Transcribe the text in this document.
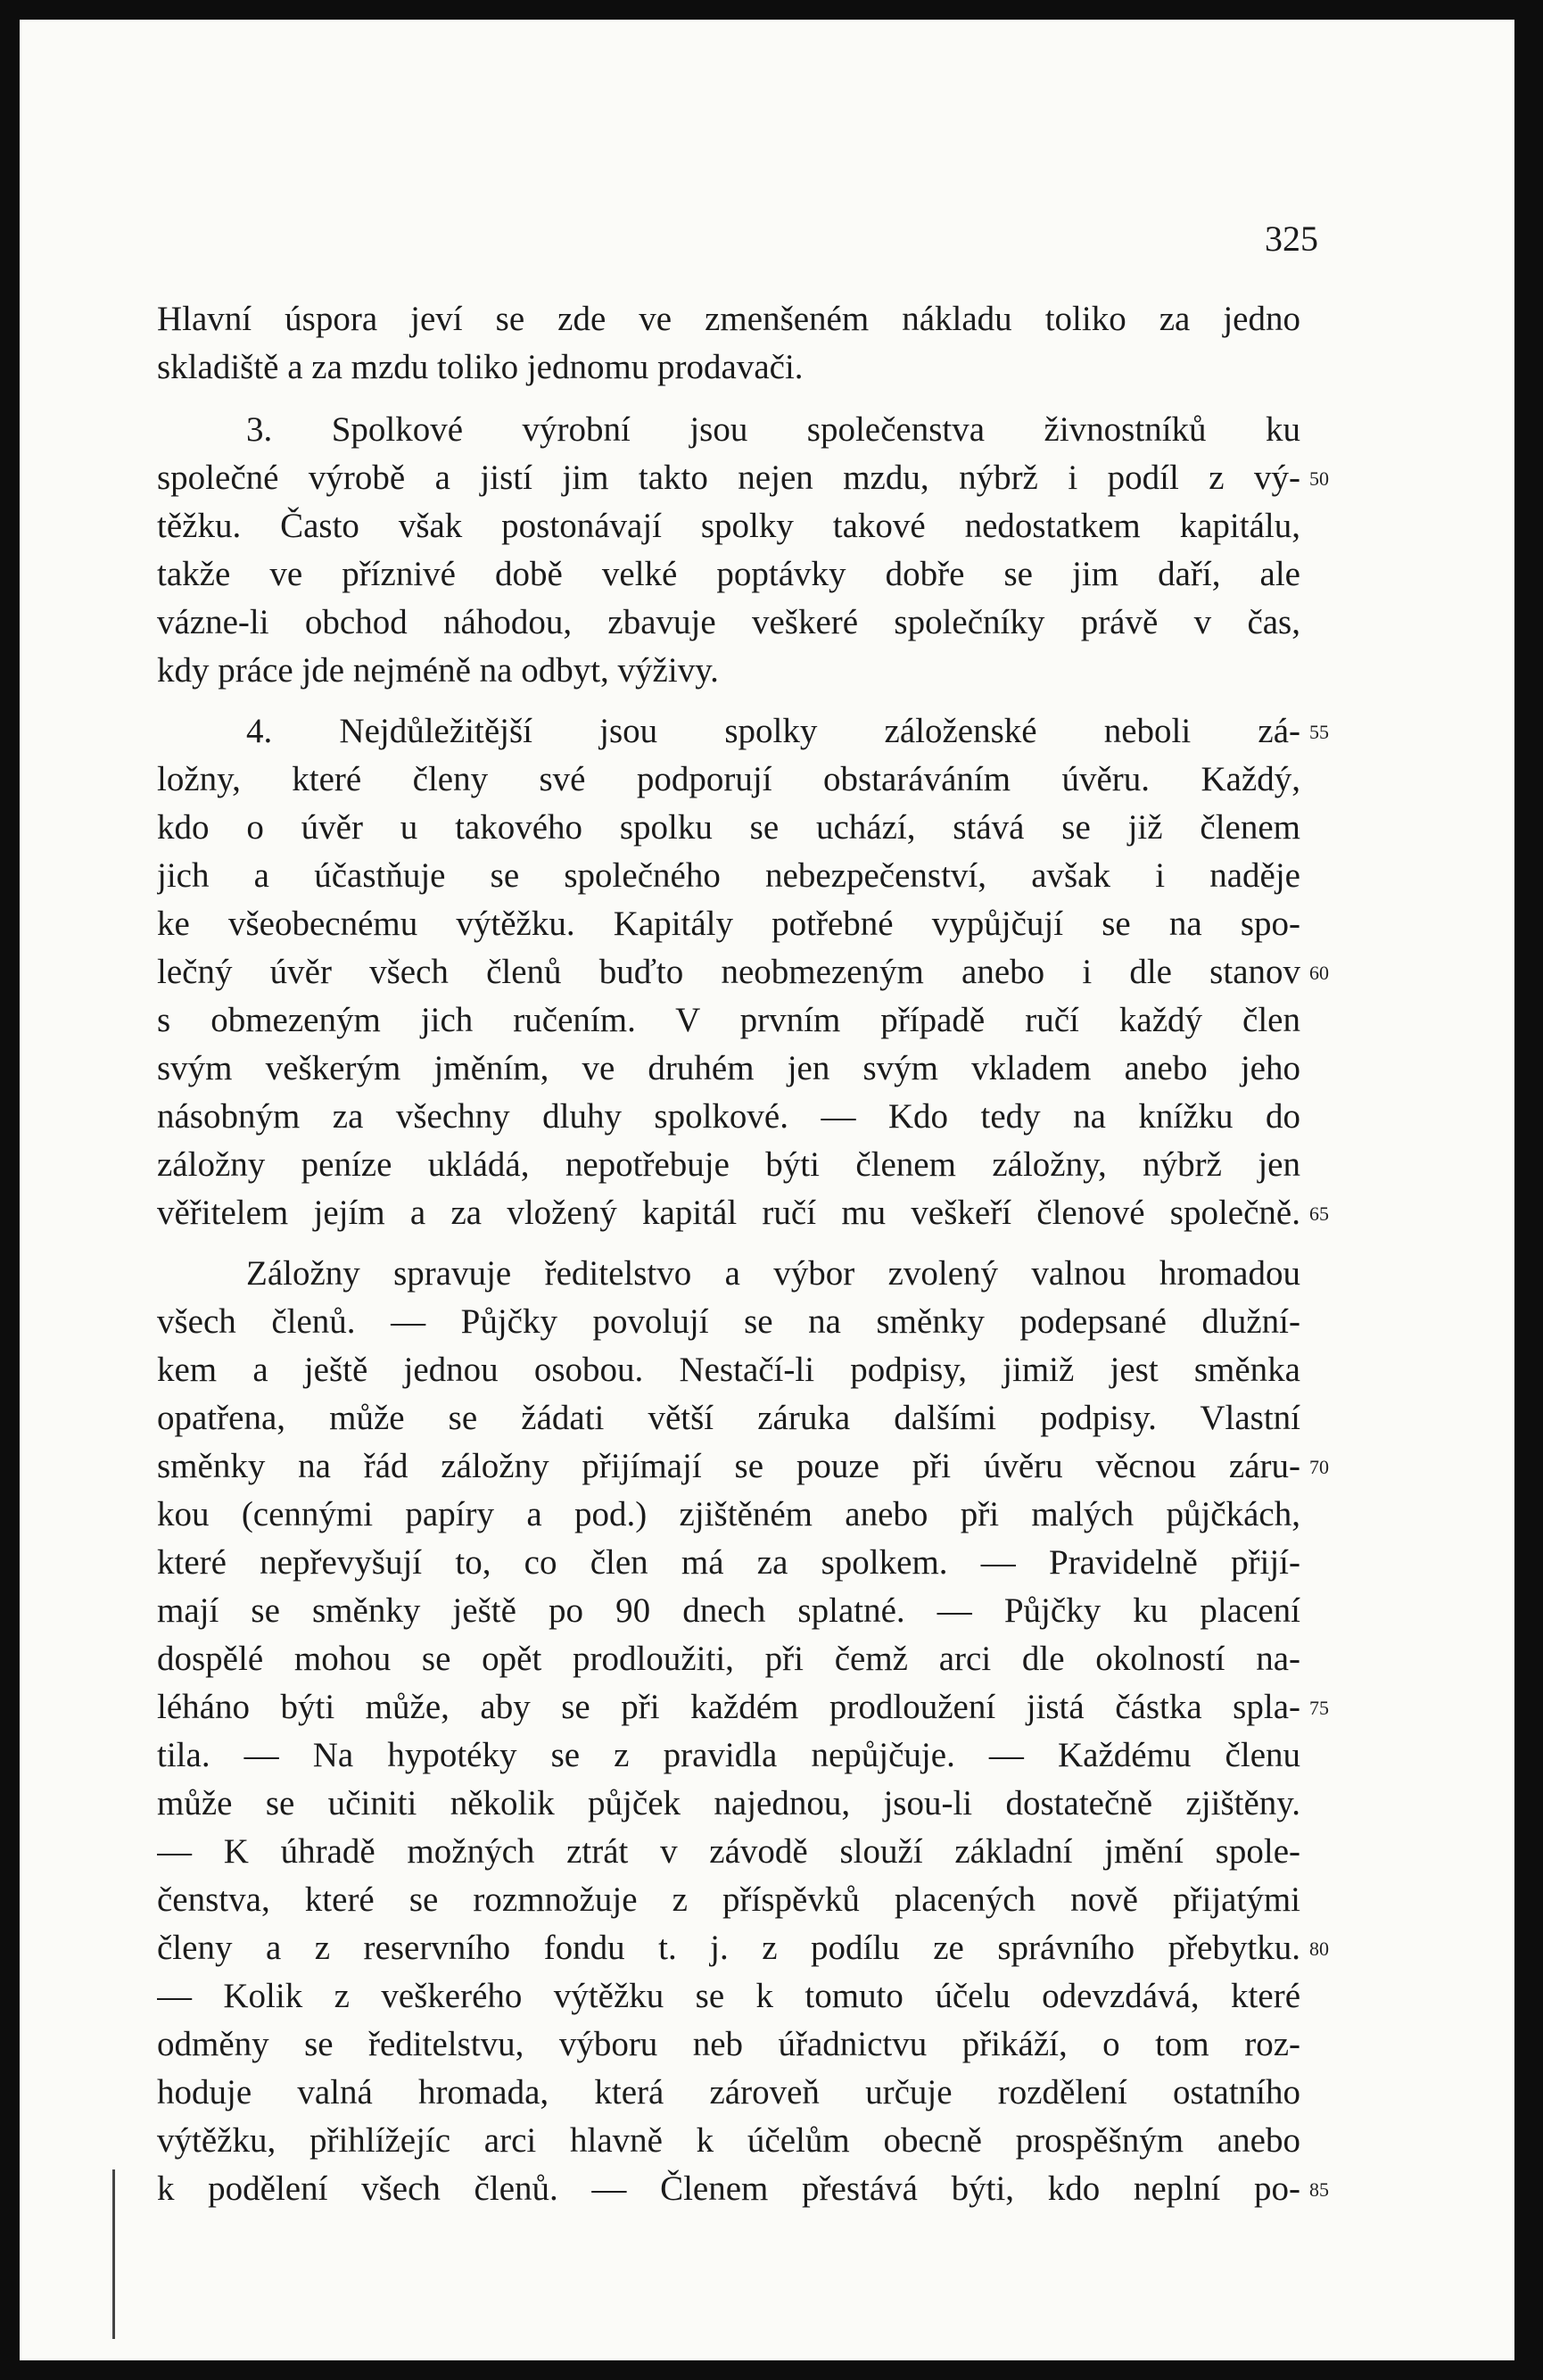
325
Hlavní úspora jeví se zde ve zmenšeném nákladu toliko za jedno
skladiště a za mzdu toliko jednomu prodavači.
3. Spolkové výrobní jsou společenstva živnostníků ku
společné výrobě a jistí jim takto nejen mzdu, nýbrž i podíl z vý-
těžku. Často však postonávají spolky takové nedostatkem kapitálu,
takže ve příznivé době velké poptávky dobře se jim daří, ale
vázne-li obchod náhodou, zbavuje veškeré společníky právě v čas,
kdy práce jde nejméně na odbyt, výživy.
4. Nejdůležitější jsou spolky záloženské neboli zá-
ložny, které členy své podporují obstaráváním úvěru. Každý,
kdo o úvěr u takového spolku se uchází, stává se již členem
jich a účastňuje se společného nebezpečenství, avšak i naděje
ke všeobecnému výtěžku. Kapitály potřebné vypůjčují se na spo-
lečný úvěr všech členů buďto neobmezeným anebo i dle stanov
s obmezeným jich ručením. V prvním případě ručí každý člen
svým veškerým jměním, ve druhém jen svým vkladem anebo jeho
násobným za všechny dluhy spolkové. — Kdo tedy na knížku do
záložny peníze ukládá, nepotřebuje býti členem záložny, nýbrž jen
věřitelem jejím a za vložený kapitál ručí mu veškeří členové společně.
Záložny spravuje ředitelstvo a výbor zvolený valnou hromadou
všech členů. — Půjčky povolují se na směnky podepsané dlužní-
kem a ještě jednou osobou. Nestačí-li podpisy, jimiž jest směnka
opatřena, může se žádati větší záruka dalšími podpisy. Vlastní
směnky na řád záložny přijímají se pouze při úvěru věcnou záru-
kou (cennými papíry a pod.) zjištěném anebo při malých půjčkách,
které nepřevyšují to, co člen má za spolkem. — Pravidelně přijí-
mají se směnky ještě po 90 dnech splatné. — Půjčky ku placení
dospělé mohou se opět prodloužiti, při čemž arci dle okolností na-
léháno býti může, aby se při každém prodloužení jistá částka spla-
tila. — Na hypotéky se z pravidla nepůjčuje. — Každému členu
může se učiniti několik půjček najednou, jsou-li dostatečně zjištěny.
— K úhradě možných ztrát v závodě slouží základní jmění spole-
čenstva, které se rozmnožuje z příspěvků placených nově přijatými
členy a z reservního fondu t. j. z podílu ze správního přebytku.
— Kolik z veškerého výtěžku se k tomuto účelu odevzdává, které
odměny se ředitelstvu, výboru neb úřadnictvu přikáží, o tom roz-
hoduje valná hromada, která zároveň určuje rozdělení ostatního
výtěžku, přihlížejíc arci hlavně k účelům obecně prospěšným anebo
k podělení všech členů. — Členem přestává býti, kdo neplní po-
50
55
60
65
70
75
80
85
